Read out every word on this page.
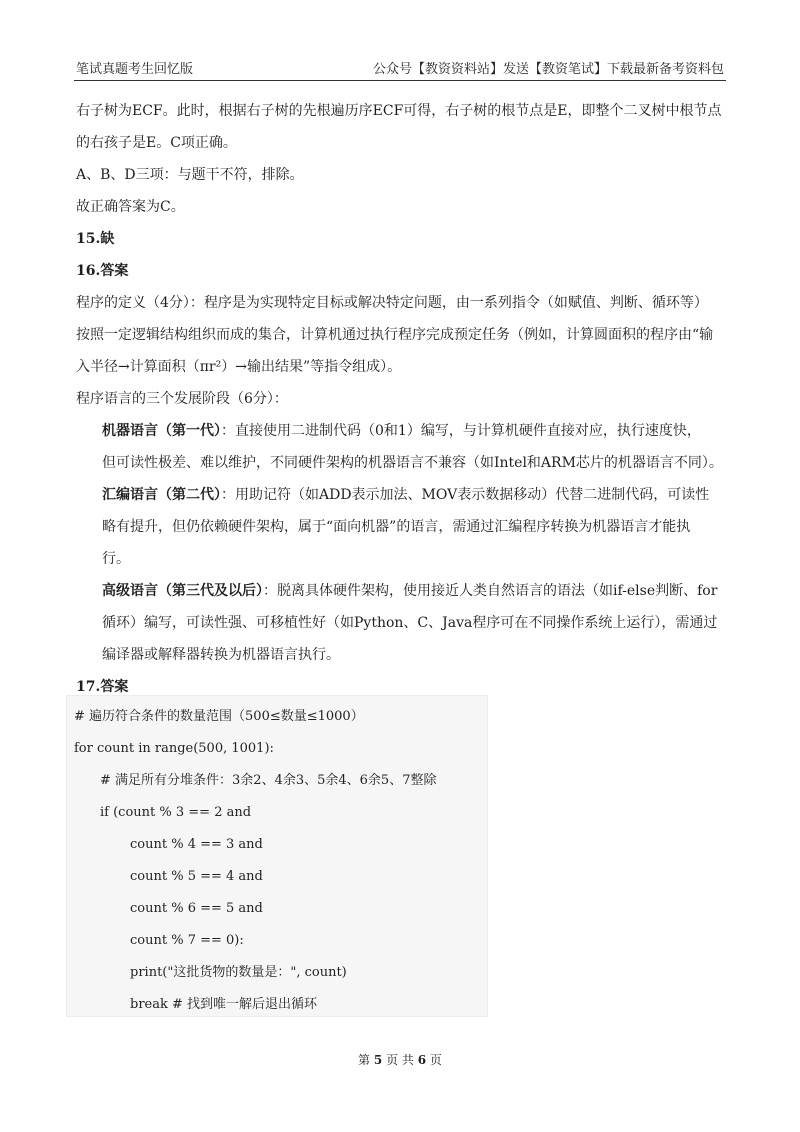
笔试真题考生回忆版	公众号【教资资料站】发送【教资笔试】下载最新备考资料包
右子树为ECF。此时，根据右子树的先根遍历序ECF可得，右子树的根节点是E，即整个二叉树中根节点
的右孩子是E。C项正确。
A、B、D三项：与题干不符，排除。
故正确答案为C。
15.缺
16.答案
程序的定义（4分）：程序是为实现特定目标或解决特定问题，由一系列指令（如赋值、判断、循环等）
按照一定逻辑结构组织而成的集合，计算机通过执行程序完成预定任务（例如，计算圆面积的程序由“输
入半径→计算面积（πr²）→输出结果”等指令组成）。
程序语言的三个发展阶段（6分）：
机器语言（第一代）：直接使用二进制代码（0和1）编写，与计算机硬件直接对应，执行速度快，
但可读性极差、难以维护，不同硬件架构的机器语言不兼容（如Intel和ARM芯片的机器语言不同）。
汇编语言（第二代）：用助记符（如ADD表示加法、MOV表示数据移动）代替二进制代码，可读性
略有提升，但仍依赖硬件架构，属于“面向机器”的语言，需通过汇编程序转换为机器语言才能执
行。
高级语言（第三代及以后）：脱离具体硬件架构，使用接近人类自然语言的语法（如if-else判断、for
循环）编写，可读性强、可移植性好（如Python、C、Java程序可在不同操作系统上运行），需通过
编译器或解释器转换为机器语言执行。
17.答案
# 遍历符合条件的数量范围（500≤数量≤1000）
for count in range(500, 1001):
# 满足所有分堆条件：3余2、4余3、5余4、6余5、7整除
if (count % 3 == 2 and
count % 4 == 3 and
count % 5 == 4 and
count % 6 == 5 and
count % 7 == 0):
print("这批货物的数量是：", count)
break # 找到唯一解后退出循环
第 5 页 共 6 页
